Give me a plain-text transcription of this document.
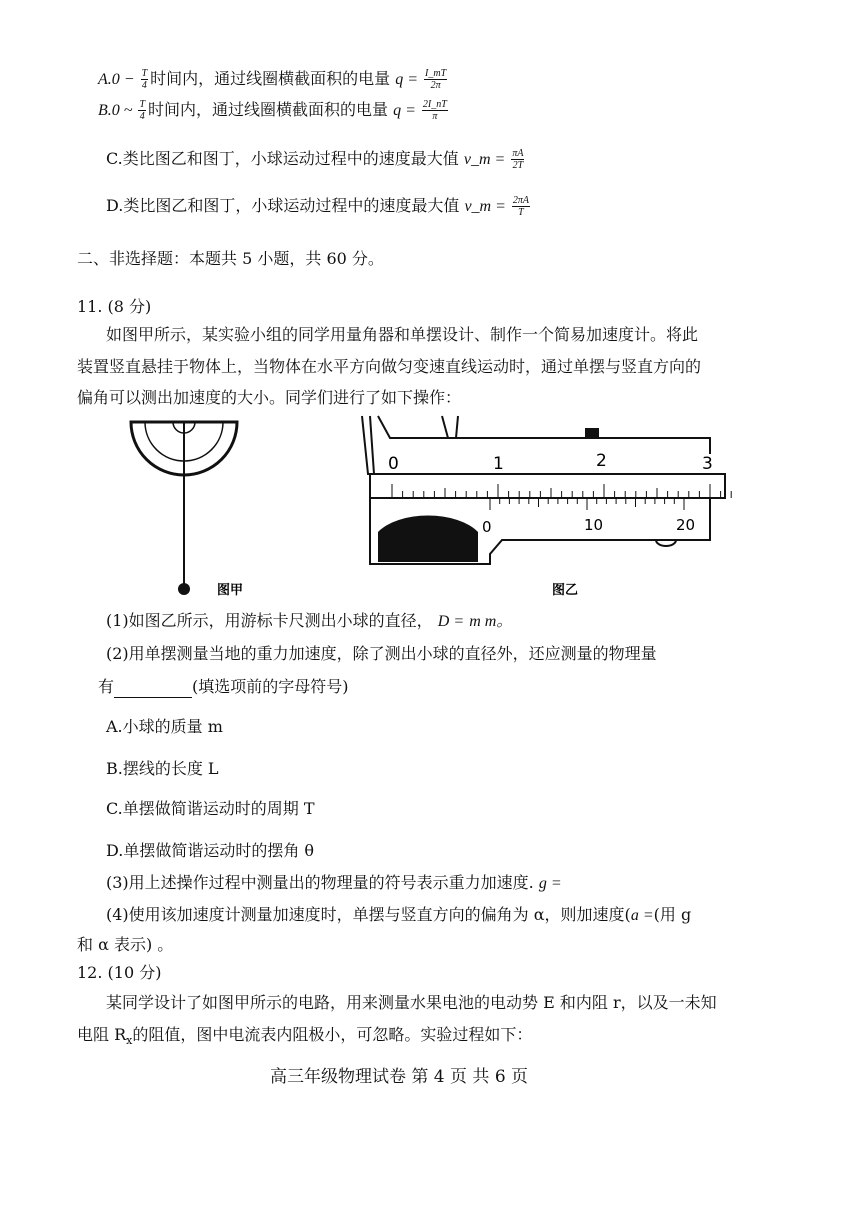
$A.0 - \frac{T}{4}$ 时间内，通过线圈横截面积的电量 $q = \frac{I\_mT}{2\pi}$
B.0 ~ $\frac{T}{4}$ 时间内，通过线圈横截面积的电量 $q = \frac{2I\_nT}{\pi}$
C.类比图乙和图丁，小球运动过程中的速度最大值 v_m = $\frac{\pi A}{2T}$
D.类比图乙和图丁，小球运动过程中的速度最大值 v_m = $\frac{2\pi A}{T}$
二、非选择题：本题共 5 小题，共 60 分。
11. (8 分)
如图甲所示，某实验小组的同学用量角器和单摆设计、制作一个简易加速度计。将此
装置竖直悬挂于物体上，当物体在水平方向做匀变速直线运动时，通过单摆与竖直方向的
偏角可以测出加速度的大小。同学们进行了如下操作：
图甲
0	1	2	3
0	10	20
图乙
(1)如图乙所示，用游标卡尺测出小球的直径， D = m m。
(2)用单摆测量当地的重力加速度，除了测出小球的直径外，还应测量的物理量
有	(填选项前的字母符号)
A.小球的质量 m
B.摆线的长度 L
C.单摆做简谐运动时的周期 T
D.单摆做简谐运动时的摆角 θ
(3)用上述操作过程中测量出的物理量的符号表示重力加速度. g =
(4)使用该加速度计测量加速度时，单摆与竖直方向的偏角为 α，则加速度(a =(用 g
和 α 表示) 。
12. (10 分)
某同学设计了如图甲所示的电路，用来测量水果电池的电动势 E 和内阻 r，以及一未知
电阻 $R_x$的阻值，图中电流表内阻极小，可忽略。实验过程如下：
高三年级物理试卷 第 4 页 共 6 页
